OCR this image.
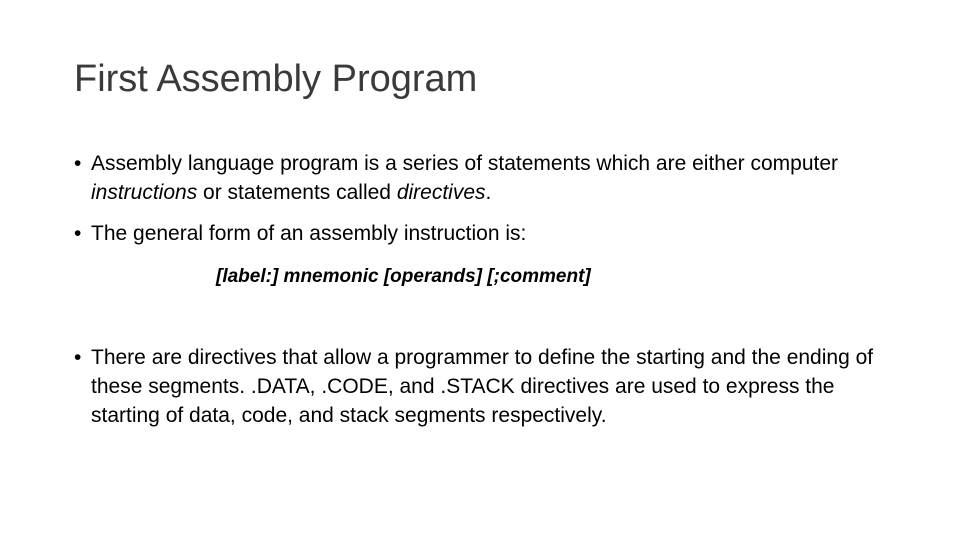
First Assembly Program
• Assembly language program is a series of statements which are either computer instructions or statements called directives.
• The general form of an assembly instruction is:
[label:] mnemonic [operands] [;comment]
• There are directives that allow a programmer to define the starting and the ending of these segments. .DATA, .CODE, and .STACK directives are used to express the starting of data, code, and stack segments respectively.
